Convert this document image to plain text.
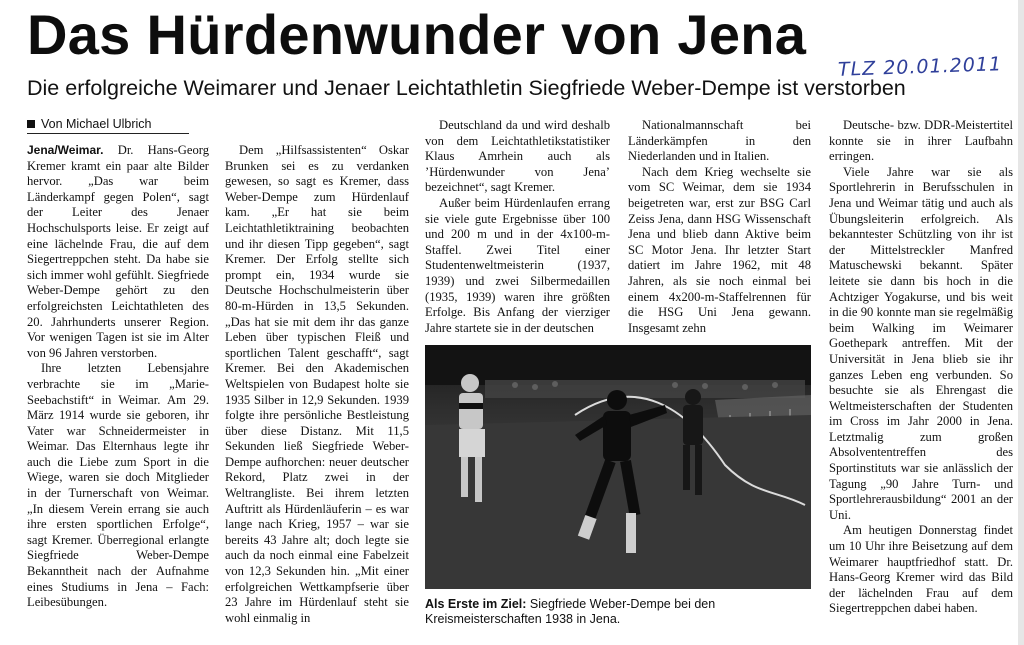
Das Hürdenwunder von Jena
Die erfolgreiche Weimarer und Jenaer Leichtathletin Siegfriede Weber-Dempe ist verstorben
TLZ 20.01.2011
Von Michael Ulbrich

Jena/Weimar. Dr. Hans-Georg Kremer kramt ein paar alte Bilder hervor. „Das war beim Länderkampf gegen Polen“, sagt der Leiter des Jenaer Hochschulsports leise. Er zeigt auf eine lächelnde Frau, die auf dem Siegertreppchen steht. Da habe sie sich immer wohl gefühlt. Siegfriede Weber-Dempe gehört zu den erfolgreichsten Leichtathleten des 20. Jahrhunderts unserer Region. Vor wenigen Tagen ist sie im Alter von 96 Jahren verstorben.

Ihre letzten Lebensjahre verbrachte sie im „Marie-Seebachstift“ in Weimar. Am 29. März 1914 wurde sie geboren, ihr Vater war Schneidermeister in Weimar. Das Elternhaus legte ihr auch die Liebe zum Sport in die Wiege, waren sie doch Mitglieder in der Turnerschaft von Weimar. „In diesem Verein errang sie auch ihre ersten sportlichen Erfolge“, sagt Kremer. Überregional erlangte Siegfriede Weber-Dempe Bekanntheit nach der Aufnahme eines Studiums in Jena – Fach: Leibesübungen.

Dem „Hilfsassistenten“ Oskar Brunken sei es zu verdanken gewesen, so sagt es Kremer, dass Weber-Dempe zum Hürdenlauf kam. „Er hat sie beim Leichtathletiktraining beobachten und ihr diesen Tipp gegeben“, sagt Kremer. Der Erfolg stellte sich prompt ein, 1934 wurde sie Deutsche Hochschulmeisterin über 80-m-Hürden in 13,5 Sekunden. „Das hat sie mit dem ihr das ganze Leben über typischen Fleiß und sportlichen Talent geschafft“, sagt Kremer. Bei den Akademischen Weltspielen von Budapest holte sie 1935 Silber in 12,9 Sekunden. 1939 folgte ihre persönliche Bestleistung über diese Distanz. Mit 11,5 Sekunden ließ Siegfriede Weber-Dempe aufhorchen: neuer deutscher Rekord, Platz zwei in der Weltrangliste. Bei ihrem letzten Auftritt als Hürdenläuferin – es war lange nach Krieg, 1957 – war sie bereits 43 Jahre alt; doch legte sie auch da noch einmal eine Fabelzeit von 12,3 Sekunden hin. „Mit einer erfolgreichen Wettkampfserie über 23 Jahre im Hürdenlauf steht sie wohl einmalig in

Deutschland da und wird deshalb von dem Leichtathletikstatistiker Klaus Amrhein auch als ’Hürdenwunder von Jena’ bezeichnet“, sagt Kremer.

Außer beim Hürdenlaufen errang sie viele gute Ergebnisse über 100 und 200 m und in der 4x100-m-Staffel. Zwei Titel einer Studentenweltmeisterin (1937, 1939) und zwei Silbermedaillen (1935, 1939) waren ihre größten Erfolge. Bis Anfang der vierziger Jahre startete sie in der deutschen

Nationalmannschaft bei Länderkämpfen in den Niederlanden und in Italien.

Nach dem Krieg wechselte sie vom SC Weimar, dem sie 1934 beigetreten war, erst zur BSG Carl Zeiss Jena, dann HSG Wissenschaft Jena und blieb dann Aktive beim SC Motor Jena. Ihr letzter Start datiert im Jahre 1962, mit 48 Jahren, als sie noch einmal bei einem 4x200-m-Staffelrennen für die HSG Uni Jena gewann. Insgesamt zehn

Deutsche- bzw. DDR-Meistertitel konnte sie in ihrer Laufbahn erringen.

Viele Jahre war sie als Sportlehrerin in Berufsschulen in Jena und Weimar tätig und auch als Übungsleiterin erfolgreich. Als bekanntester Schützling von ihr ist der Mittelstreckler Manfred Matuschewski bekannt. Später leitete sie dann bis hoch in die Achtziger Yogakurse, und bis weit in die 90 konnte man sie regelmäßig beim Walking im Weimarer Goethepark antreffen. Mit der Universität in Jena blieb sie ihr ganzes Leben eng verbunden. So besuchte sie als Ehrengast die Weltmeisterschaften der Studenten im Cross im Jahr 2000 in Jena. Letztmalig zum großen Absolvententreffen des Sportinstituts war sie anlässlich der Tagung „90 Jahre Turn- und Sportlehrerausbildung“ 2001 an der Uni.

Am heutigen Donnerstag findet um 10 Uhr ihre Beisetzung auf dem Weimarer hauptfriedhof statt. Dr. Hans-Georg Kremer wird das Bild der lächelnden Frau auf dem Siegertreppchen dabei haben.

Als Erste im Ziel: Siegfriede Weber-Dempe bei den Kreismeisterschaften 1938 in Jena.
